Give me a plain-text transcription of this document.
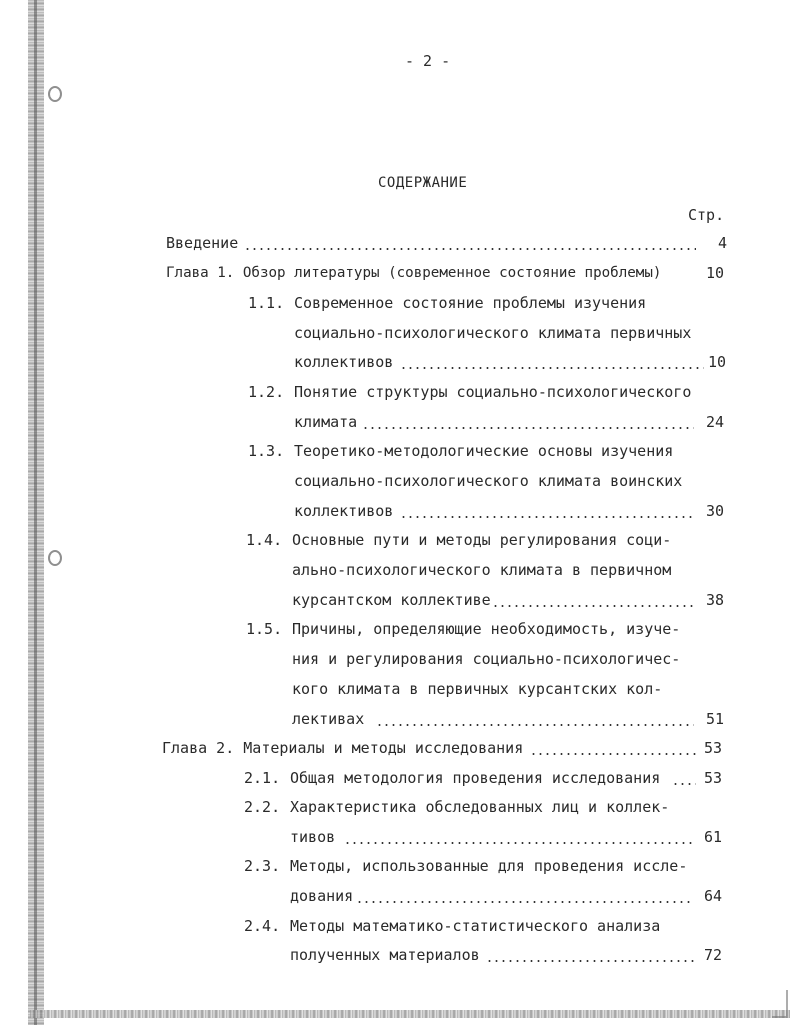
- 2 -
СОДЕРЖАНИЕ
Стр.
Введение	4
Глава 1. Обзор литературы (современное состояние проблемы)	10
1.1. Современное состояние проблемы изучения
социально-психологического климата первичных
коллективов	10
1.2. Понятие структуры социально-психологического
климата	24
1.3. Теоретико-методологические основы изучения
социально-психологического климата воинских
коллективов	30
1.4. Основные пути и методы регулирования соци-
ально-психологического климата в первичном
курсантском коллективе	38
1.5. Причины, определяющие необходимость, изуче-
ния и регулирования социально-психологичес-
кого климата в первичных курсантских кол-
лективах	51
Глава 2. Материалы и методы исследования	53
2.1. Общая методология проведения исследования	53
2.2. Характеристика обследованных лиц и коллек-
тивов	61
2.3. Методы, использованные для проведения иссле-
дования	64
2.4. Методы математико-статистического анализа
полученных материалов	72
